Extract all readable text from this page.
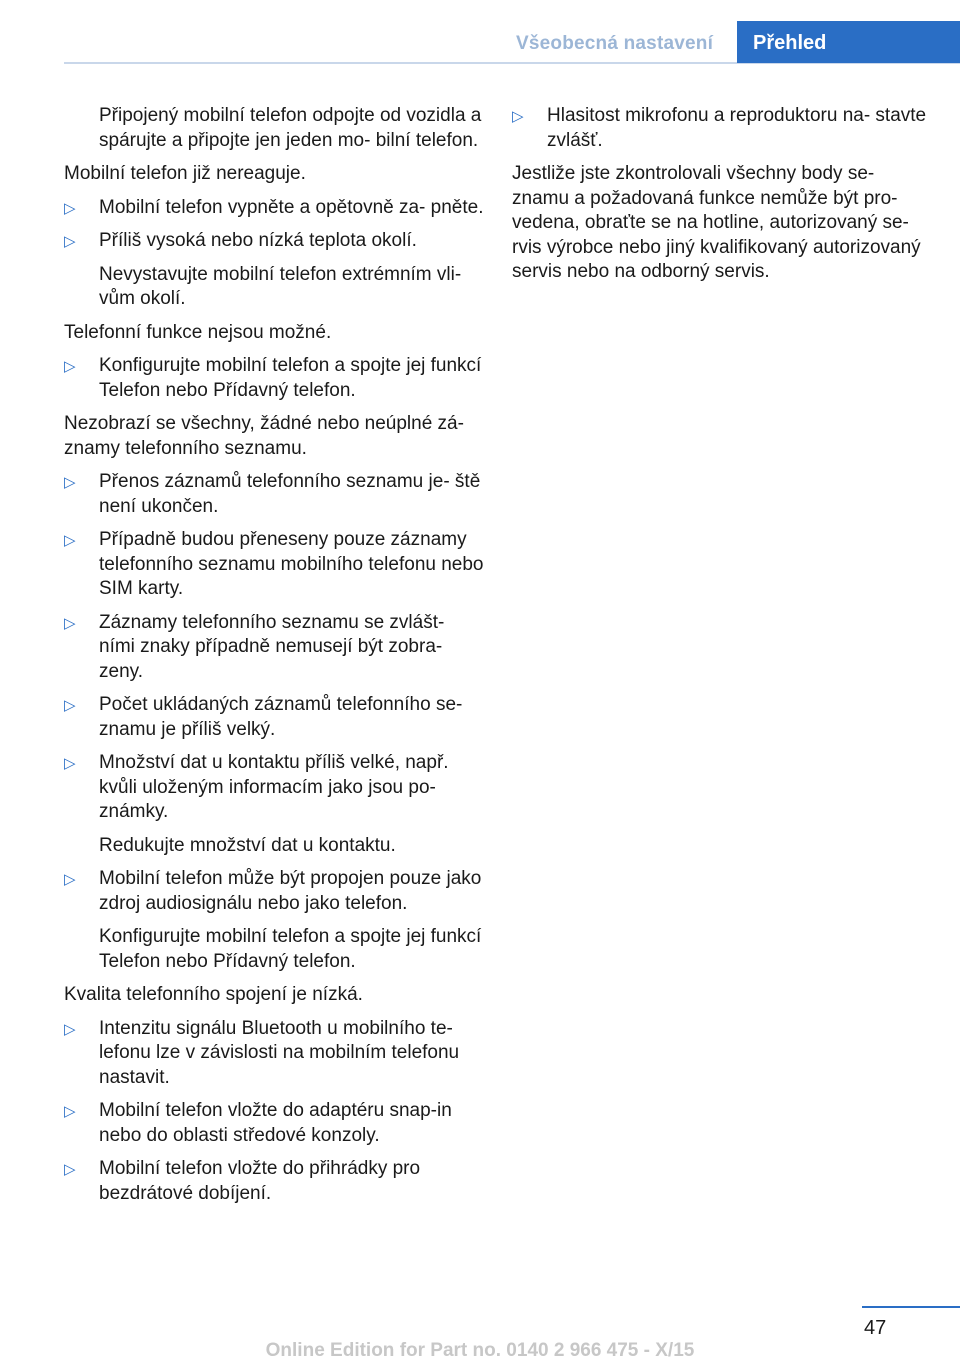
Všeobecná nastavení	Přehled

Připojený mobilní telefon odpojte od vozidla a spárujte a připojte jen jeden mo‐ bilní telefon.

Mobilní telefon již nereaguje.

▷ Mobilní telefon vypněte a opětovně za‐ pněte.
▷ Příliš vysoká nebo nízká teplota okolí.
Nevystavujte mobilní telefon extrémním vli‐ vům okolí.

Telefonní funkce nejsou možné.

▷ Konfigurujte mobilní telefon a spojte jej funkcí Telefon nebo Přídavný telefon.

Nezobrazí se všechny, žádné nebo neúplné zá‐ znamy telefonního seznamu.

▷ Přenos záznamů telefonního seznamu je‐ ště není ukončen.
▷ Případně budou přeneseny pouze záznamy telefonního seznamu mobilního telefonu nebo SIM karty.
▷ Záznamy telefonního seznamu se zvlášt‐ ními znaky případně nemusejí být zobra‐ zeny.
▷ Počet ukládaných záznamů telefonního se‐ znamu je příliš velký.
▷ Množství dat u kontaktu příliš velké, např. kvůli uloženým informacím jako jsou po‐ známky.
Redukujte množství dat u kontaktu.
▷ Mobilní telefon může být propojen pouze jako zdroj audiosignálu nebo jako telefon.
Konfigurujte mobilní telefon a spojte jej funkcí Telefon nebo Přídavný telefon.

Kvalita telefonního spojení je nízká.

▷ Intenzitu signálu Bluetooth u mobilního te‐ lefonu lze v závislosti na mobilním telefonu nastavit.
▷ Mobilní telefon vložte do adaptéru snap-in nebo do oblasti středové konzoly.
▷ Mobilní telefon vložte do přihrádky pro bezdrátové dobíjení.
▷ Hlasitost mikrofonu a reproduktoru na‐ stavte zvlášť.

Jestliže jste zkontrolovali všechny body se‐ znamu a požadovaná funkce nemůže být pro‐ vedena, obraťte se na hotline, autorizovaný se‐ rvis výrobce nebo jiný kvalifikovaný autorizovaný servis nebo na odborný servis.

47
Online Edition for Part no. 0140 2 966 475 - X/15
